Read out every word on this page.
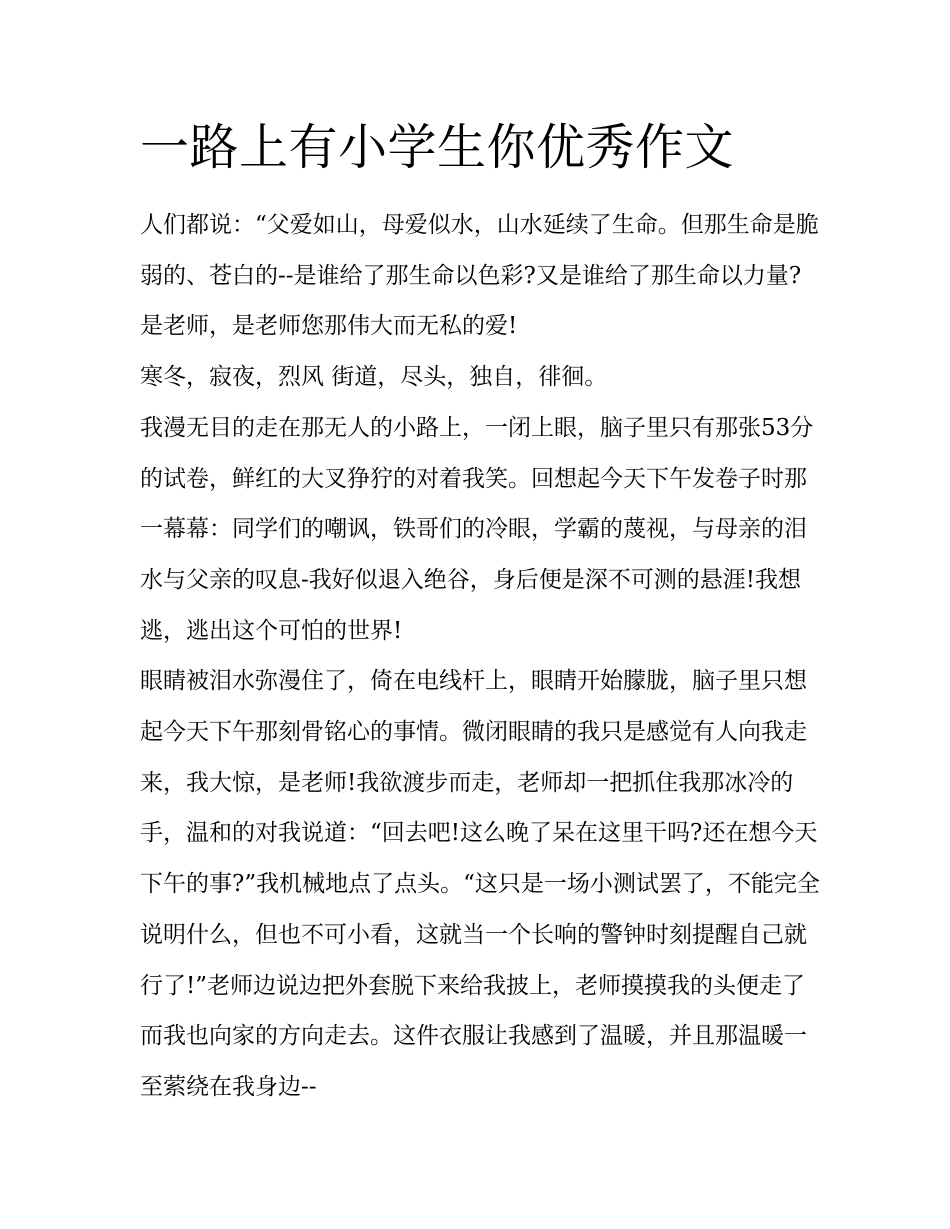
一路上有小学生你优秀作文

人们都说：“父爱如山，母爱似水，山水延续了生命。但那生命是脆弱的、苍白的--是谁给了那生命以色彩?又是谁给了那生命以力量?是老师，是老师您那伟大而无私的爱!

寒冬，寂夜，烈风 街道，尽头，独自，徘徊。

我漫无目的走在那无人的小路上，一闭上眼，脑子里只有那张53分的试卷，鲜红的大叉狰狞的对着我笑。回想起今天下午发卷子时那一幕幕：同学们的嘲讽，铁哥们的冷眼，学霸的蔑视，与母亲的泪水与父亲的叹息-我好似退入绝谷，身后便是深不可测的悬涯!我想逃，逃出这个可怕的世界!

眼睛被泪水弥漫住了，倚在电线杆上，眼睛开始朦胧，脑子里只想起今天下午那刻骨铭心的事情。微闭眼睛的我只是感觉有人向我走来，我大惊，是老师!我欲渡步而走，老师却一把抓住我那冰冷的手，温和的对我说道：“回去吧!这么晚了呆在这里干吗?还在想今天下午的事?”我机械地点了点头。“这只是一场小测试罢了，不能完全说明什么，但也不可小看，这就当一个长响的警钟时刻提醒自己就行了!”老师边说边把外套脱下来给我披上，老师摸摸我的头便走了而我也向家的方向走去。这件衣服让我感到了温暖，并且那温暖一至萦绕在我身边--
